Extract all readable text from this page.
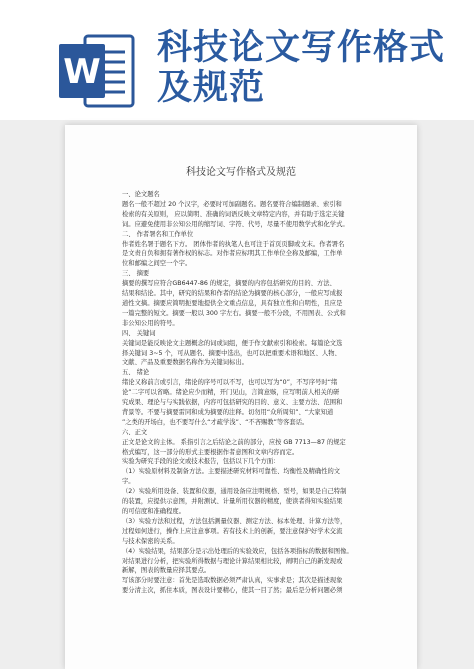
W
科技论文写作格式
及规范
科技论文写作格式及规范

一、论文题名

题名一般不超过 20 个汉字，必要时可加副题名。题名要符合编制题录、索引和

检索的有关原则， 应以简明、准确的词语反映文章特定内容，并有助于选定关键

词。应避免使用非公知公用的缩写词、字符、代号，尽量不使用数学式和化学式。

二、 作者署名和工作单位

作者姓名署于题名下方。 团体作者的执笔人也可注于首页页脚或文末。作者署名

是文责自负和拥有著作权的标志。对作者应标明其工作单位全称及邮编，工作单

位和邮编之间空一个字。

三、 摘要

摘要的撰写应符合GB6447-86 的规定，摘要的内容包括研究的目的、方法、

结果和结论。其中，研究的结果和作者的结论为摘要的核心部分，一般应写成报

道性文摘。摘要应简明扼要地提供全文重点信息，具有独立性和自明性，且应是

一篇完整的短文。摘要一般以 300 字左右。摘要一般不分段，不用图表、公式和

非公知公用的符号。

四、 关键词

关键词是能反映论文主题概念的词或词组，便于作文献索引和检索。每篇论文选

择关键词 3~5 个，可从题名、摘要中选出，也可以把重要术语和地区、人物、

文献、产品及重要数据名称作为关键词标出。

五、 绪论

绪论又称前言或引言，绪论的序号可以不写，也可以写为“0”，不写序号时“绪

论”二字可以省略。绪论应少而精，开门见山，言简意赅，应写明前人相关的研

究成果、理论与与实践依据，内容可包括研究的目的、意义、主要方法、范围和

背景等。不要与摘要雷同和成为摘要的注释。切勿用“众所周知”、“大家知道

”之类的开场白，也不要写什么“才疏学浅”、“不吝赐教”等客套话。

六、正文

正文是论文的主体。 系指引言之后结论之前的部分，应按 GB 7713—87 的规定

格式编写，这一部分的形式主要根据作者意图和文章内容而定。

实验为研究手段的论文或技术报告，包括以下几个方面：

（1）实验原材料及制备方法。主要描述研究材料可靠性、均衡性及精确性的文

字。

（2）实验所用设备、装置和仪器，通用设备应注明规格、型号，如果是自己特制

的装置，应提供示意图，并附测试、计量所用仪器的精度，使读者得知实验结果

的可信度和准确程度。

（3）实验方法和过程，方法包括测量仪器、测定方法、标本处理、计算方法等，

过程如何进行，操作上应注意事项。若有技术上的创新，要注意保护好学术交流

与技术保密的关系。

（4）实验结果，结果部分是示出处理后的实验效应，包括各项指标的数据和图像。

对结果进行分析，把实验所得数据与理论计算结果相比较，阐明自己的新发现或

新解，图表的数量应择其要点。

写该部分时要注意：首先是选取数据必须严肃认真，实事求是；其次是描述现象

要分清主次，抓住本质，图表设计要精心，使其一目了然；最后是分析问题必须
